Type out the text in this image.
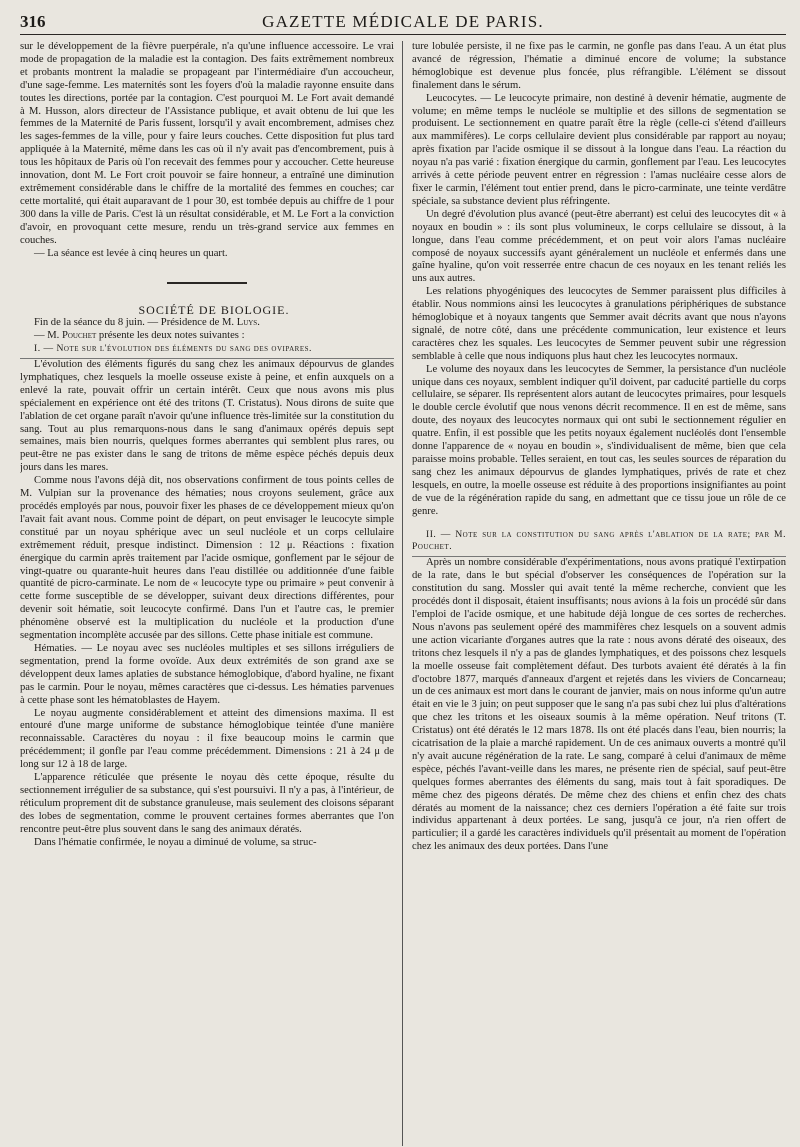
316	GAZETTE MÉDICALE DE PARIS.

sur le développement de la fièvre puerpérale, n'a qu'une influence accessoire. Le vrai mode de propagation de la maladie est la contagion. Des faits extrêmement nombreux et probants montrent la maladie se propageant par l'intermédiaire d'un accoucheur, d'une sage-femme. Les maternités sont les foyers d'où la maladie rayonne ensuite dans toutes les directions, portée par la contagion. C'est pourquoi M. Le Fort avait demandé à M. Husson, alors directeur de l'Assistance publique, et avait obtenu de lui que les femmes de la Maternité de Paris fussent, lorsqu'il y avait encombrement, admises chez les sages-femmes de la ville, pour y faire leurs couches. Cette disposition fut plus tard appliquée à la Maternité, même dans les cas où il n'y avait pas d'encombrement, puis à tous les hôpitaux de Paris où l'on recevait des femmes pour y accoucher. Cette heureuse innovation, dont M. Le Fort croit pouvoir se faire honneur, a entraîné une diminution extrêmement considérable dans le chiffre de la mortalité des femmes en couches; car cette mortalité, qui était auparavant de 1 pour 30, est tombée depuis au chiffre de 1 pour 300 dans la ville de Paris. C'est là un résultat considérable, et M. Le Fort a la conviction d'avoir, en provoquant cette mesure, rendu un très-grand service aux femmes en couches.

— La séance est levée à cinq heures un quart.

SOCIÉTÉ DE BIOLOGIE.

Fin de la séance du 8 juin. — Présidence de M. Luys.

— M. Pouchet présente les deux notes suivantes :

I. — Note sur l'évolution des éléments du sang des ovipares.

L'évolution des éléments figurés du sang chez les animaux dépourvus de glandes lymphatiques, chez lesquels la moelle osseuse existe à peine, et enfin auxquels on a enlevé la rate, pouvait offrir un certain intérêt. Ceux que nous avons mis plus spécialement en expérience ont été des tritons (T. Cristatus). Nous dirons de suite que l'ablation de cet organe paraît n'avoir qu'une influence très-limitée sur la constitution du sang. Tout au plus remarquons-nous dans le sang d'animaux opérés depuis sept semaines, mais bien nourris, quelques formes aberrantes qui semblent plus rares, ou peut-être ne pas exister dans le sang de tritons de même espèce péchés depuis deux jours dans les mares.

Comme nous l'avons déjà dit, nos observations confirment de tous points celles de M. Vulpian sur la provenance des hématies; nous croyons seulement, grâce aux procédés employés par nous, pouvoir fixer les phases de ce développement mieux qu'on l'avait fait avant nous. Comme point de départ, on peut envisager le leucocyte simple constitué par un noyau sphérique avec un seul nucléole et un corps cellulaire extrêmement réduit, presque indistinct. Dimension : 12 μ. Réactions : fixation énergique du carmin après traitement par l'acide osmique, gonflement par le séjour de vingt-quatre ou quarante-huit heures dans l'eau distillée ou additionnée d'une faible quantité de picro-carminate. Le nom de « leucocyte type ou primaire » peut convenir à cette forme susceptible de se développer, suivant deux directions différentes, pour devenir soit hématie, soit leucocyte confirmé. Dans l'un et l'autre cas, le premier phénomène observé est la multiplication du nucléole et la production d'une segmentation incomplète accusée par des sillons. Cette phase initiale est commune.

Hématies. — Le noyau avec ses nucléoles multiples et ses sillons irréguliers de segmentation, prend la forme ovoïde. Aux deux extrémités de son grand axe se développent deux lames aplaties de substance hémoglobique, d'abord hyaline, ne fixant pas le carmin. Pour le noyau, mêmes caractères que ci-dessus. Les hématies parvenues à cette phase sont les hématoblastes de Hayem.

Le noyau augmente considérablement et atteint des dimensions maxima. Il est entouré d'une marge uniforme de substance hémoglobique teintée d'une manière reconnaissable. Caractères du noyau : il fixe beaucoup moins le carmin que précédemment; il gonfle par l'eau comme précédemment. Dimensions : 21 à 24 μ de long sur 12 à 18 de large.

L'apparence réticulée que présente le noyau dès cette époque, résulte du sectionnement irrégulier de sa substance, qui s'est poursuivi. Il n'y a pas, à l'intérieur, de réticulum proprement dit de substance granuleuse, mais seulement des cloisons séparant des lobes de segmentation, comme le prouvent certaines formes aberrantes que l'on rencontre peut-être plus souvent dans le sang des animaux dératés.

Dans l'hématie confirmée, le noyau a diminué de volume, sa struc-

ture lobulée persiste, il ne fixe pas le carmin, ne gonfle pas dans l'eau. A un état plus avancé de régression, l'hématie a diminué encore de volume; la substance hémoglobique est devenue plus foncée, plus réfrangible. L'élément se dissout finalement dans le sérum.

Leucocytes. — Le leucocyte primaire, non destiné à devenir hématie, augmente de volume; en même temps le nucléole se multiplie et des sillons de segmentation se produisent. Le sectionnement en quatre paraît être la règle (celle-ci s'étend d'ailleurs aux mammifères). Le corps cellulaire devient plus considérable par rapport au noyau; après fixation par l'acide osmique il se dissout à la longue dans l'eau. La réaction du noyau n'a pas varié : fixation énergique du carmin, gonflement par l'eau. Les leucocytes arrivés à cette période peuvent entrer en régression : l'amas nucléaire cesse alors de fixer le carmin, l'élément tout entier prend, dans le picro-carminate, une teinte verdâtre spéciale, sa substance devient plus réfringente.

Un degré d'évolution plus avancé (peut-être aberrant) est celui des leucocytes dit « à noyaux en boudin » : ils sont plus volumineux, le corps cellulaire se dissout, à la longue, dans l'eau comme précédemment, et on peut voir alors l'amas nucléaire composé de noyaux successifs ayant généralement un nucléole et enfermés dans une gaîne hyaline, qu'on voit resserrée entre chacun de ces noyaux en les tenant reliés les uns aux autres.

Les relations phyogéniques des leucocytes de Semmer paraissent plus difficiles à établir. Nous nommions ainsi les leucocytes à granulations périphériques de substance hémoglobique et à noyaux tangents que Semmer avait décrits avant que nous n'ayons signalé, de notre côté, dans une précédente communication, leur existence et leurs caractères chez les squales. Les leucocytes de Semmer peuvent subir une régression semblable à celle que nous indiquons plus haut chez les leucocytes normaux.

Le volume des noyaux dans les leucocytes de Semmer, la persistance d'un nucléole unique dans ces noyaux, semblent indiquer qu'il doivent, par caducité partielle du corps cellulaire, se séparer. Ils représentent alors autant de leucocytes primaires, pour lesquels le double cercle évolutif que nous venons décrit recommence. Il en est de même, sans doute, des noyaux des leucocytes normaux qui ont subi le sectionnement régulier en quatre. Enfin, il est possible que les petits noyaux également nucléolés dont l'ensemble donne l'apparence de « noyau en boudin », s'individualisent de même, bien que cela paraisse moins probable. Telles seraient, en tout cas, les seules sources de réparation du sang chez les animaux dépourvus de glandes lymphatiques, privés de rate et chez lesquels, en outre, la moelle osseuse est réduite à des proportions insignifiantes au point de vue de la régénération rapide du sang, en admettant que ce tissu joue un rôle de ce genre.

II. — Note sur la constitution du sang après l'ablation de la rate; par M. Pouchet.

Après un nombre considérable d'expérimentations, nous avons pratiqué l'extirpation de la rate, dans le but spécial d'observer les conséquences de l'opération sur la constitution du sang. Mossler qui avait tenté la même recherche, convient que les procédés dont il disposait, étaient insuffisants; nous avions à la fois un procédé sûr dans l'emploi de l'acide osmique, et une habitude déjà longue de ces sortes de recherches. Nous n'avons pas seulement opéré des mammifères chez lesquels on a souvent admis une action vicariante d'organes autres que la rate : nous avons dératé des oiseaux, des tritons chez lesquels il n'y a pas de glandes lymphatiques, et des poissons chez lesquels la moelle osseuse fait complètement défaut. Des turbots avaient été dératés à la fin d'octobre 1877, marqués d'anneaux d'argent et rejetés dans les viviers de Concarneau; un de ces animaux est mort dans le courant de janvier, mais on nous informe qu'un autre était en vie le 3 juin; on peut supposer que le sang n'a pas subi chez lui plus d'altérations que chez les tritons et les oiseaux soumis à la même opération. Neuf tritons (T. Cristatus) ont été dératés le 12 mars 1878. Ils ont été placés dans l'eau, bien nourris; la cicatrisation de la plaie a marché rapidement. Un de ces animaux ouverts a montré qu'il n'y avait aucune régénération de la rate. Le sang, comparé à celui d'animaux de même espèce, péchés l'avant-veille dans les mares, ne présente rien de spécial, sauf peut-être quelques formes aberrantes des éléments du sang, mais tout à fait sporadiques. De même chez des pigeons dératés. De même chez des chiens et enfin chez des chats dératés au moment de la naissance; chez ces derniers l'opération a été faite sur trois individus appartenant à deux portées. Le sang, jusqu'à ce jour, n'a rien offert de particulier; il a gardé les caractères individuels qu'il présentait au moment de l'opération chez les animaux des deux portées. Dans l'une
